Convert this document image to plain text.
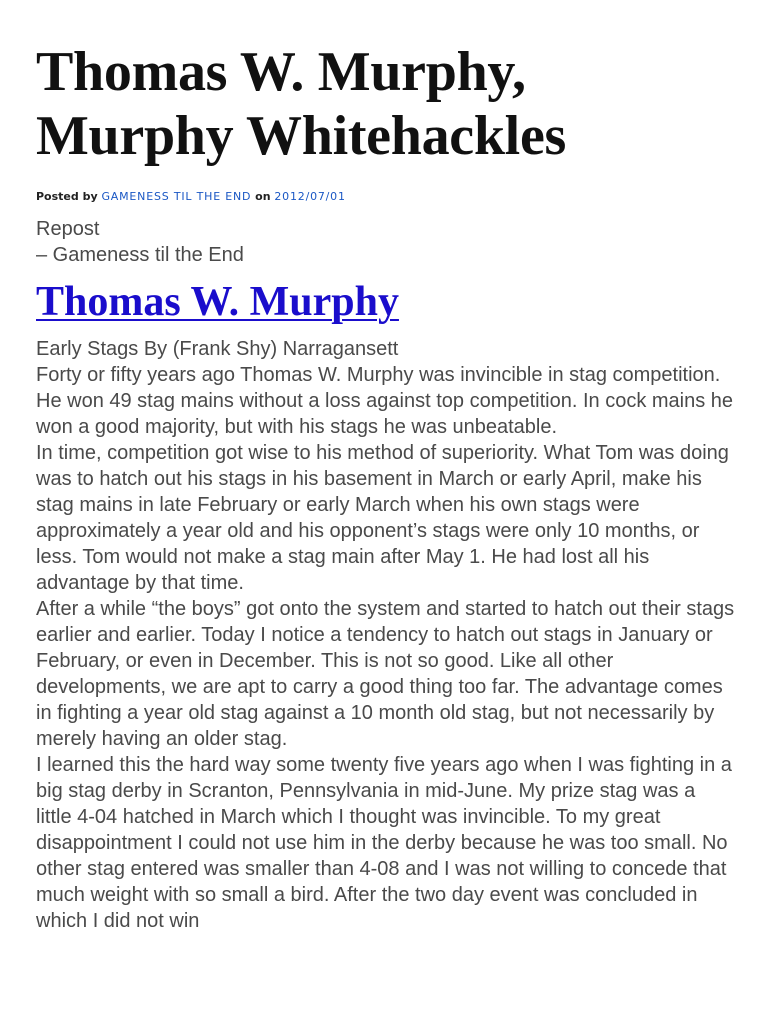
Thomas W. Murphy,
Murphy Whitehackles
Posted by GAMENESS TIL THE END on 2012/07/01
Repost
– Gameness til the End
Thomas W. Murphy

Early Stags By (Frank Shy) Narragansett

Forty or fifty years ago Thomas W. Murphy was invincible in stag competition. He won 49 stag mains without a loss against top competition. In cock mains he won a good majority, but with his stags he was unbeatable.

In time, competition got wise to his method of superiority. What Tom was doing was to hatch out his stags in his basement in March or early April, make his stag mains in late February or early March when his own stags were approximately a year old and his opponent’s stags were only 10 months, or less. Tom would not make a stag main after May 1. He had lost all his advantage by that time.

After a while “the boys” got onto the system and started to hatch out their stags earlier and earlier. Today I notice a tendency to hatch out stags in January or February, or even in December. This is not so good. Like all other developments, we are apt to carry a good thing too far. The advantage comes in fighting a year old stag against a 10 month old stag, but not necessarily by merely having an older stag.

I learned this the hard way some twenty five years ago when I was fighting in a big stag derby in Scranton, Pennsylvania in mid-June. My prize stag was a little 4-04 hatched in March which I thought was invincible. To my great disappointment I could not use him in the derby because he was too small. No other stag entered was smaller than 4-08 and I was not willing to concede that much weight with so small a bird. After the two day event was concluded in which I did not win
